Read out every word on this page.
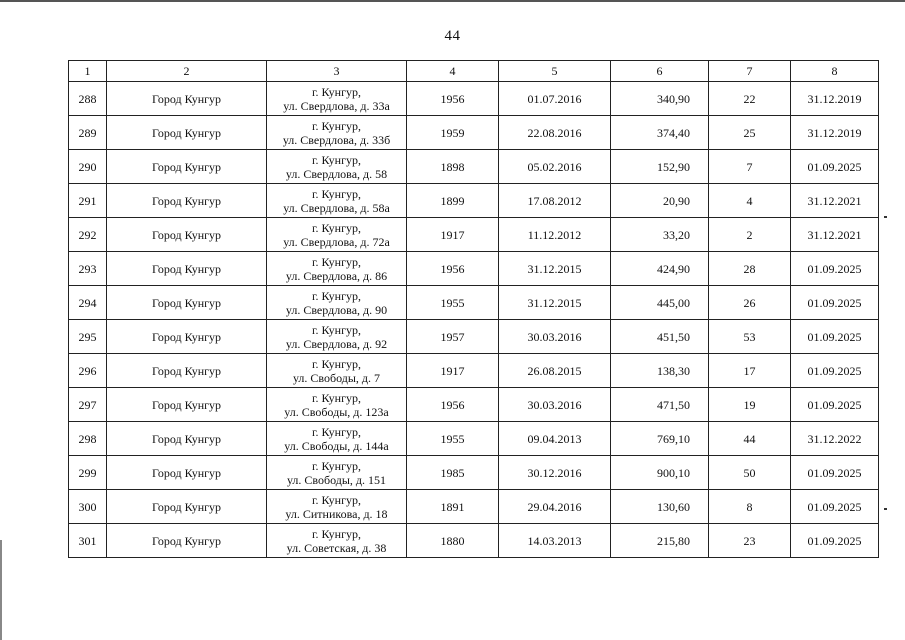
44
1	2	3	4	5	6	7	8
288	Город Кунгур	г. Кунгур,
ул. Свердлова, д. 33а	1956	01.07.2016	340,90	22	31.12.2019
289	Город Кунгур	г. Кунгур,
ул. Свердлова, д. 33б	1959	22.08.2016	374,40	25	31.12.2019
290	Город Кунгур	г. Кунгур,
ул. Свердлова, д. 58	1898	05.02.2016	152,90	7	01.09.2025
291	Город Кунгур	г. Кунгур,
ул. Свердлова, д. 58а	1899	17.08.2012	20,90	4	31.12.2021
292	Город Кунгур	г. Кунгур,
ул. Свердлова, д. 72а	1917	11.12.2012	33,20	2	31.12.2021
293	Город Кунгур	г. Кунгур,
ул. Свердлова, д. 86	1956	31.12.2015	424,90	28	01.09.2025
294	Город Кунгур	г. Кунгур,
ул. Свердлова, д. 90	1955	31.12.2015	445,00	26	01.09.2025
295	Город Кунгур	г. Кунгур,
ул. Свердлова, д. 92	1957	30.03.2016	451,50	53	01.09.2025
296	Город Кунгур	г. Кунгур,
ул. Свободы, д. 7	1917	26.08.2015	138,30	17	01.09.2025
297	Город Кунгур	г. Кунгур,
ул. Свободы, д. 123а	1956	30.03.2016	471,50	19	01.09.2025
298	Город Кунгур	г. Кунгур,
ул. Свободы, д. 144а	1955	09.04.2013	769,10	44	31.12.2022
299	Город Кунгур	г. Кунгур,
ул. Свободы, д. 151	1985	30.12.2016	900,10	50	01.09.2025
300	Город Кунгур	г. Кунгур,
ул. Ситникова, д. 18	1891	29.04.2016	130,60	8	01.09.2025
301	Город Кунгур	г. Кунгур,
ул. Советская, д. 38	1880	14.03.2013	215,80	23	01.09.2025
